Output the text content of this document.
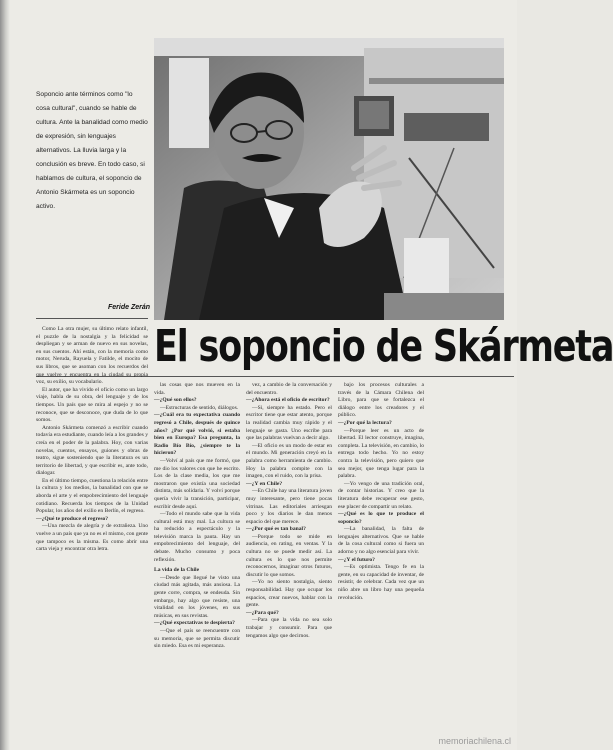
Soponcio ante términos como "lo cosa cultural", cuando se hable de cultura. Ante la banalidad como medio de expresión, sin lenguajes alternativos. La lluvia larga y la conclusión es breve. En todo caso, si hablamos de cultura, el soponcio de Antonio Skármeta es un soponcio activo.
Feride Zerán
El soponcio de Skármeta

Como La otra mujer, su último relato infantil, el puzzle de la nostalgia y la felicidad se despliegan y se arman de nuevo en sus novelas, en sus cuentos. Ahí están, con la memoria como motor, Neruda, Rayuela y Fatilde, el mocito de sus libros, que se asoman con los recuerdos del que vuelve y encuentra en la ciudad su propia voz, su exilio, su vocabulario.

El autor, que ha vivido el oficio como un largo viaje, habla de su obra, del lenguaje y de los tiempos. Un país que se mira al espejo y no se reconoce, que se desconoce, que duda de lo que somos.

Antonio Skármeta comenzó a escribir cuando todavía era estudiante, cuando leía a los grandes y creía en el poder de la palabra. Hoy, con varias novelas, cuentos, ensayos, guiones y obras de teatro, sigue sosteniendo que la literatura es un territorio de libertad, y que escribir es, ante todo, dialogar.

En el último tiempo, cuestiona la relación entre la cultura y los medios, la banalidad con que se aborda el arte y el empobrecimiento del lenguaje cotidiano. Recuerda los tiempos de la Unidad Popular, los años del exilio en Berlín, el regreso.

—¿Qué te produce el regreso?

—Una mezcla de alegría y de extrañeza. Uno vuelve a un país que ya no es el mismo, con gente que tampoco es la misma. Es como abrir una carta vieja y encontrar otra letra.

las cosas que nos mueven en la vida.

—¿Qué son ellos?

—Estructuras de sentido, diálogos.

—¿Cuál era tu expectativa cuando regresó a Chile, después de quince años? ¿Por qué volvió, si estaba bien en Europa? Esa pregunta, la Radio Bío Bío, ¿siempre te la hicieron?

—Volví al país que me formó, que me dio los valores con que he escrito. Los de la clase media, los que me mostraron que existía una sociedad distinta, más solidaria. Y volví porque quería vivir la transición, participar, escribir desde aquí.

—Todo el mundo sabe que la vida cultural está muy mal. La cultura se ha reducido a espectáculo y la televisión marca la pauta. Hay un empobrecimiento del lenguaje, del debate. Mucho consumo y poca reflexión.

La vida de la Chile

—Desde que llegué he visto una ciudad más agitada, más ansiosa. La gente corre, compra, se endeuda. Sin embargo, hay algo que resiste, una vitalidad en los jóvenes, en sus músicas, en sus revistas.

—¿Qué expectativas te despierta?

—Que el país se reencuentre con su memoria, que se permita discutir sin miedo. Esa es mi esperanza.

vez, a cambio de la conversación y del encuentro.

—¿Ahora está el oficio de escritor?

—Si, siempre ha estado. Pero el escritor tiene que estar atento, porque la realidad cambia muy rápido y el lenguaje se gasta. Uno escribe para que las palabras vuelvan a decir algo.

—El oficio es un modo de estar en el mundo. Mi generación creyó en la palabra como herramienta de cambio. Hoy la palabra compite con la imagen, con el ruido, con la prisa.

—¿Y en Chile?

—En Chile hay una literatura joven muy interesante, pero tiene pocas vitrinas. Las editoriales arriesgan poco y los diarios le dan menos espacio del que merece.

—¿Por qué es tan banal?

—Porque todo se mide en audiencia, en rating, en ventas. Y la cultura no se puede medir así. La cultura es lo que nos permite reconocernos, imaginar otros futuros, discutir lo que somos.

—Yo no siento nostalgia, siento responsabilidad. Hay que ocupar los espacios, crear nuevos, hablar con la gente.

—¿Para qué?

—Para que la vida no sea solo trabajar y consumir. Para que tengamos algo que decirnos.

bajo los procesos culturales a través de la Cámara Chilena del Libro, para que se fortalezca el diálogo entre los creadores y el público.

—¿Por qué la lectura?

—Porque leer es un acto de libertad. El lector construye, imagina, completa. La televisión, en cambio, lo entrega todo hecho. Yo no estoy contra la televisión, pero quiero que sea mejor, que tenga lugar para la palabra.

—Yo vengo de una tradición oral, de contar historias. Y creo que la literatura debe recuperar ese gesto, ese placer de compartir un relato.

—¿Qué es lo que te produce el soponcio?

—La banalidad, la falta de lenguajes alternativos. Que se hable de la cosa cultural como si fuera un adorno y no algo esencial para vivir.

—¿Y el futuro?

—Es optimista. Tengo fe en la gente, en su capacidad de inventar, de resistir, de celebrar. Cada vez que un niño abre un libro hay una pequeña revolución.

memoriachilena.cl
